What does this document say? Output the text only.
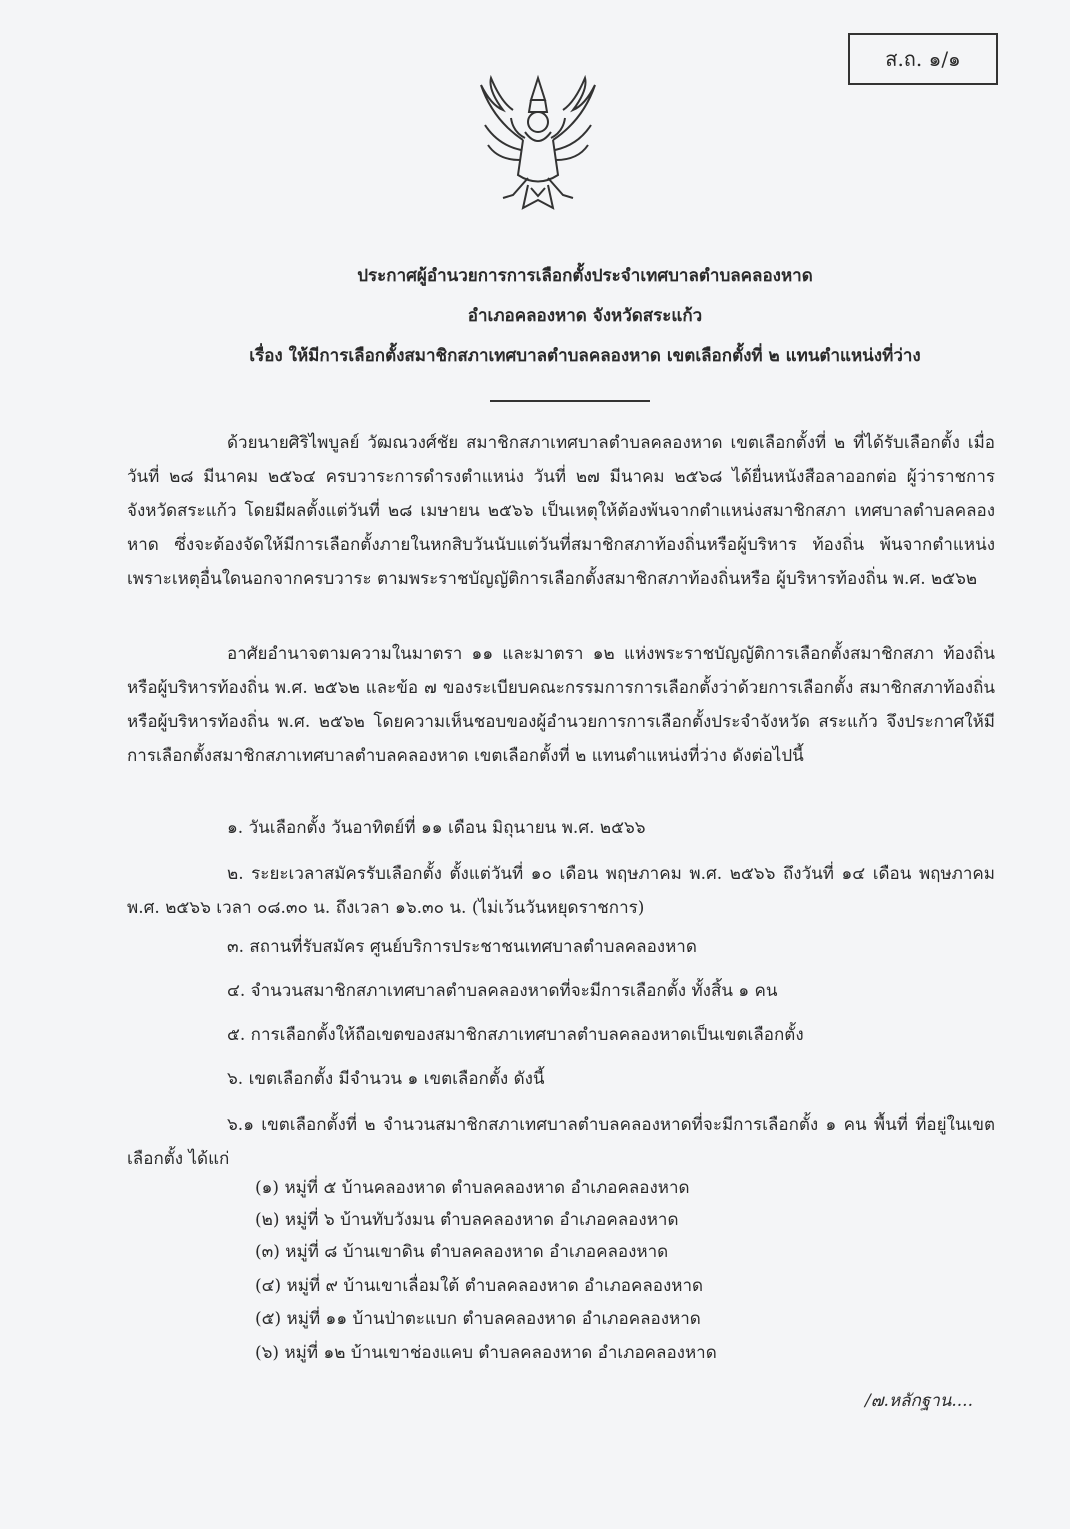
ส.ถ. ๑/๑
ประกาศผู้อำนวยการการเลือกตั้งประจำเทศบาลตำบลคลองหาด
อำเภอคลองหาด จังหวัดสระแก้ว
เรื่อง ให้มีการเลือกตั้งสมาชิกสภาเทศบาลตำบลคลองหาด เขตเลือกตั้งที่ ๒ แทนตำแหน่งที่ว่าง

ด้วยนายศิริไพบูลย์ วัฒณวงศ์ชัย สมาชิกสภาเทศบาลตำบลคลองหาด เขตเลือกตั้งที่ ๒ ที่ได้รับเลือกตั้ง เมื่อวันที่ ๒๘ มีนาคม ๒๕๖๔ ครบวาระการดำรงตำแหน่ง วันที่ ๒๗ มีนาคม ๒๕๖๘ ได้ยื่นหนังสือลาออกต่อ ผู้ว่าราชการจังหวัดสระแก้ว โดยมีผลตั้งแต่วันที่ ๒๘ เมษายน ๒๕๖๖ เป็นเหตุให้ต้องพ้นจากตำแหน่งสมาชิกสภา เทศบาลตำบลคลองหาด ซึ่งจะต้องจัดให้มีการเลือกตั้งภายในหกสิบวันนับแต่วันที่สมาชิกสภาท้องถิ่นหรือผู้บริหาร ท้องถิ่น พ้นจากตำแหน่งเพราะเหตุอื่นใดนอกจากครบวาระ ตามพระราชบัญญัติการเลือกตั้งสมาชิกสภาท้องถิ่นหรือ ผู้บริหารท้องถิ่น พ.ศ. ๒๕๖๒

อาศัยอำนาจตามความในมาตรา ๑๑ และมาตรา ๑๒ แห่งพระราชบัญญัติการเลือกตั้งสมาชิกสภา ท้องถิ่นหรือผู้บริหารท้องถิ่น พ.ศ. ๒๕๖๒ และข้อ ๗ ของระเบียบคณะกรรมการการเลือกตั้งว่าด้วยการเลือกตั้ง สมาชิกสภาท้องถิ่นหรือผู้บริหารท้องถิ่น พ.ศ. ๒๕๖๒ โดยความเห็นชอบของผู้อำนวยการการเลือกตั้งประจำจังหวัด สระแก้ว จึงประกาศให้มีการเลือกตั้งสมาชิกสภาเทศบาลตำบลคลองหาด เขตเลือกตั้งที่ ๒ แทนตำแหน่งที่ว่าง ดังต่อไปนี้

๑. วันเลือกตั้ง วันอาทิตย์ที่ ๑๑ เดือน มิถุนายน พ.ศ. ๒๕๖๖

๒. ระยะเวลาสมัครรับเลือกตั้ง ตั้งแต่วันที่ ๑๐ เดือน พฤษภาคม พ.ศ. ๒๕๖๖ ถึงวันที่ ๑๔ เดือน พฤษภาคม พ.ศ. ๒๕๖๖ เวลา ๐๘.๓๐ น. ถึงเวลา ๑๖.๓๐ น. (ไม่เว้นวันหยุดราชการ)

๓. สถานที่รับสมัคร ศูนย์บริการประชาชนเทศบาลตำบลคลองหาด

๔. จำนวนสมาชิกสภาเทศบาลตำบลคลองหาดที่จะมีการเลือกตั้ง ทั้งสิ้น ๑ คน

๕. การเลือกตั้งให้ถือเขตของสมาชิกสภาเทศบาลตำบลคลองหาดเป็นเขตเลือกตั้ง

๖. เขตเลือกตั้ง มีจำนวน ๑ เขตเลือกตั้ง ดังนี้

๖.๑ เขตเลือกตั้งที่ ๒ จำนวนสมาชิกสภาเทศบาลตำบลคลองหาดที่จะมีการเลือกตั้ง ๑ คน พื้นที่ ที่อยู่ในเขตเลือกตั้ง ได้แก่

(๑) หมู่ที่ ๕ บ้านคลองหาด ตำบลคลองหาด อำเภอคลองหาด

(๒) หมู่ที่ ๖ บ้านทับวังมน ตำบลคลองหาด อำเภอคลองหาด

(๓) หมู่ที่ ๘ บ้านเขาดิน ตำบลคลองหาด อำเภอคลองหาด

(๔) หมู่ที่ ๙ บ้านเขาเลื่อมใต้ ตำบลคลองหาด อำเภอคลองหาด

(๕) หมู่ที่ ๑๑ บ้านป่าตะแบก ตำบลคลองหาด อำเภอคลองหาด

(๖) หมู่ที่ ๑๒ บ้านเขาช่องแคบ ตำบลคลองหาด อำเภอคลองหาด

/๗.หลักฐาน....
